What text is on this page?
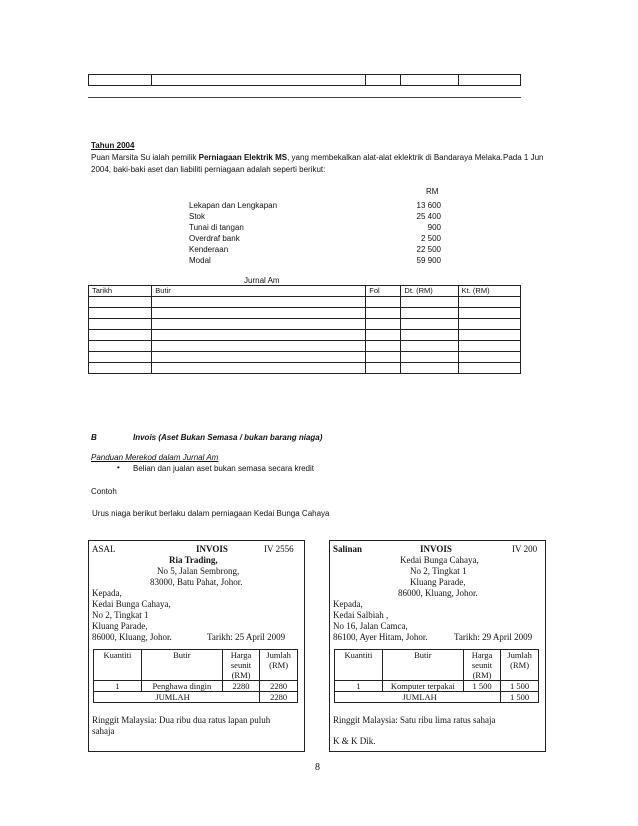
Tahun 2004
Puan Marsita Su ialah pemilik Perniagaan Elektrik MS, yang membekalkan alat-alat eklektrik di Bandaraya Melaka. Pada 1 Jun
2004, baki-baki aset dan liabiliti perniagaan adalah seperti berikut:
RM
Lekapan dan Lengkapan	13 600
Stok	25 400
Tunai di tangan	900
Overdraf bank	2 500
Kenderaan	22 500
Modal	59 900
Jurnal Am
Tarikh	Butir	Fol	Dt. (RM)	Kt. (RM)

B	Invois (Aset Bukan Semasa / bukan barang niaga)
Panduan Merekod dalam Jurnal Am
• Belian dan jualan aset bukan semasa secara kredit
Contoh
Urus niaga berikut berlaku dalam perniagaan Kedai Bunga Cahaya
ASAL	INVOIS	IV 2556
Ria Trading,
No 5, Jalan Sembrong,
83000, Batu Pahat, Johor.
Kepada,
Kedai Bunga Cahaya,
No 2, Tingkat 1
Kluang Parade,
86000, Kluang, Johor.	Tarikh: 25 April 2009
Kuantiti	Butir	Harga seunit (RM)	Jumlah (RM)
1	Penghawa dingin	2280	2280
	JUMLAH		2280
Ringgit Malaysia: Dua ribu dua ratus lapan puluh
sahaja
Salinan	INVOIS	IV 200
Kedai Bunga Cahaya,
No 2, Tingkat 1
Kluang Parade,
86000, Kluang, Johor.
Kepada,
Kedai Salbiah ,
No 16, Jalan Camca,
86100, Ayer Hitam, Johor.	Tarikh: 29 April 2009
Kuantiti	Butir	Harga seunit (RM)	Jumlah (RM)
1	Komputer terpakai	1 500	1 500
	JUMLAH		1 500
Ringgit Malaysia: Satu ribu lima ratus sahaja
K & K Dik.
8
